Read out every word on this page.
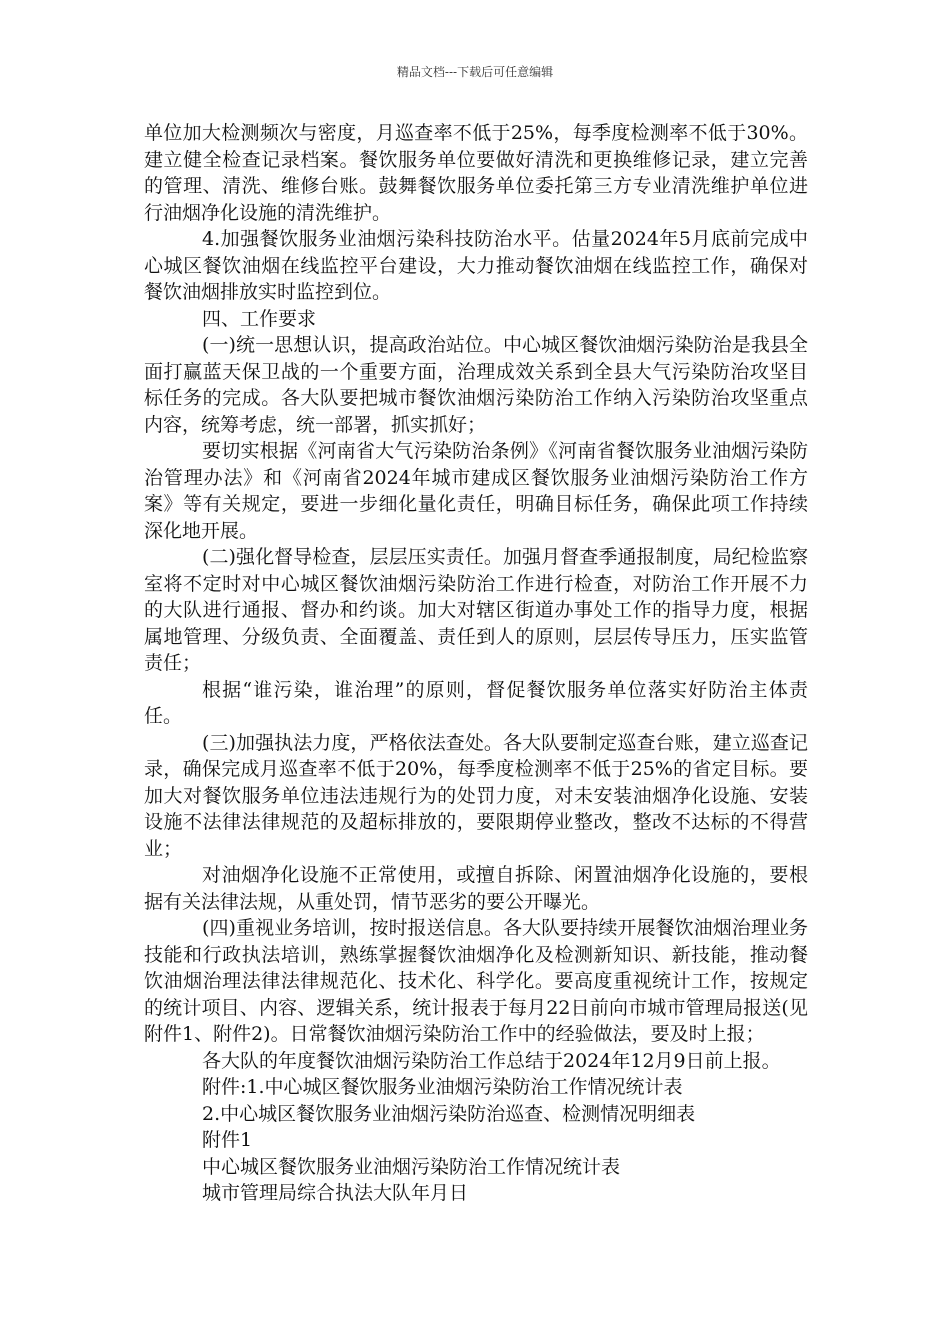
精品文档---下载后可任意编辑

单位加大检测频次与密度，月巡查率不低于25%，每季度检测率不低于30%。建立健全检查记录档案。餐饮服务单位要做好清洗和更换维修记录，建立完善的管理、清洗、维修台账。鼓舞餐饮服务单位委托第三方专业清洗维护单位进行油烟净化设施的清洗维护。

4.加强餐饮服务业油烟污染科技防治水平。估量2024年5月底前完成中心城区餐饮油烟在线监控平台建设，大力推动餐饮油烟在线监控工作，确保对餐饮油烟排放实时监控到位。

四、工作要求

(一)统一思想认识，提高政治站位。中心城区餐饮油烟污染防治是我县全面打赢蓝天保卫战的一个重要方面，治理成效关系到全县大气污染防治攻坚目标任务的完成。各大队要把城市餐饮油烟污染防治工作纳入污染防治攻坚重点内容，统筹考虑，统一部署，抓实抓好；

要切实根据《河南省大气污染防治条例》《河南省餐饮服务业油烟污染防治管理办法》和《河南省2024年城市建成区餐饮服务业油烟污染防治工作方案》等有关规定，要进一步细化量化责任，明确目标任务，确保此项工作持续深化地开展。

(二)强化督导检查，层层压实责任。加强月督查季通报制度，局纪检监察室将不定时对中心城区餐饮油烟污染防治工作进行检查，对防治工作开展不力的大队进行通报、督办和约谈。加大对辖区街道办事处工作的指导力度，根据属地管理、分级负责、全面覆盖、责任到人的原则，层层传导压力，压实监管责任；

根据“谁污染，谁治理”的原则，督促餐饮服务单位落实好防治主体责任。

(三)加强执法力度，严格依法查处。各大队要制定巡查台账，建立巡查记录，确保完成月巡查率不低于20%，每季度检测率不低于25%的省定目标。要加大对餐饮服务单位违法违规行为的处罚力度，对未安装油烟净化设施、安装设施不法律法律规范的及超标排放的，要限期停业整改，整改不达标的不得营业；

对油烟净化设施不正常使用，或擅自拆除、闲置油烟净化设施的，要根据有关法律法规，从重处罚，情节恶劣的要公开曝光。

(四)重视业务培训，按时报送信息。各大队要持续开展餐饮油烟治理业务技能和行政执法培训，熟练掌握餐饮油烟净化及检测新知识、新技能，推动餐饮油烟治理法律法律规范化、技术化、科学化。要高度重视统计工作，按规定的统计项目、内容、逻辑关系，统计报表于每月22日前向市城市管理局报送(见附件1、附件2)。日常餐饮油烟污染防治工作中的经验做法，要及时上报；

各大队的年度餐饮油烟污染防治工作总结于2024年12月9日前上报。

附件:1.中心城区餐饮服务业油烟污染防治工作情况统计表

2.中心城区餐饮服务业油烟污染防治巡查、检测情况明细表

附件1

中心城区餐饮服务业油烟污染防治工作情况统计表

城市管理局综合执法大队年月日
